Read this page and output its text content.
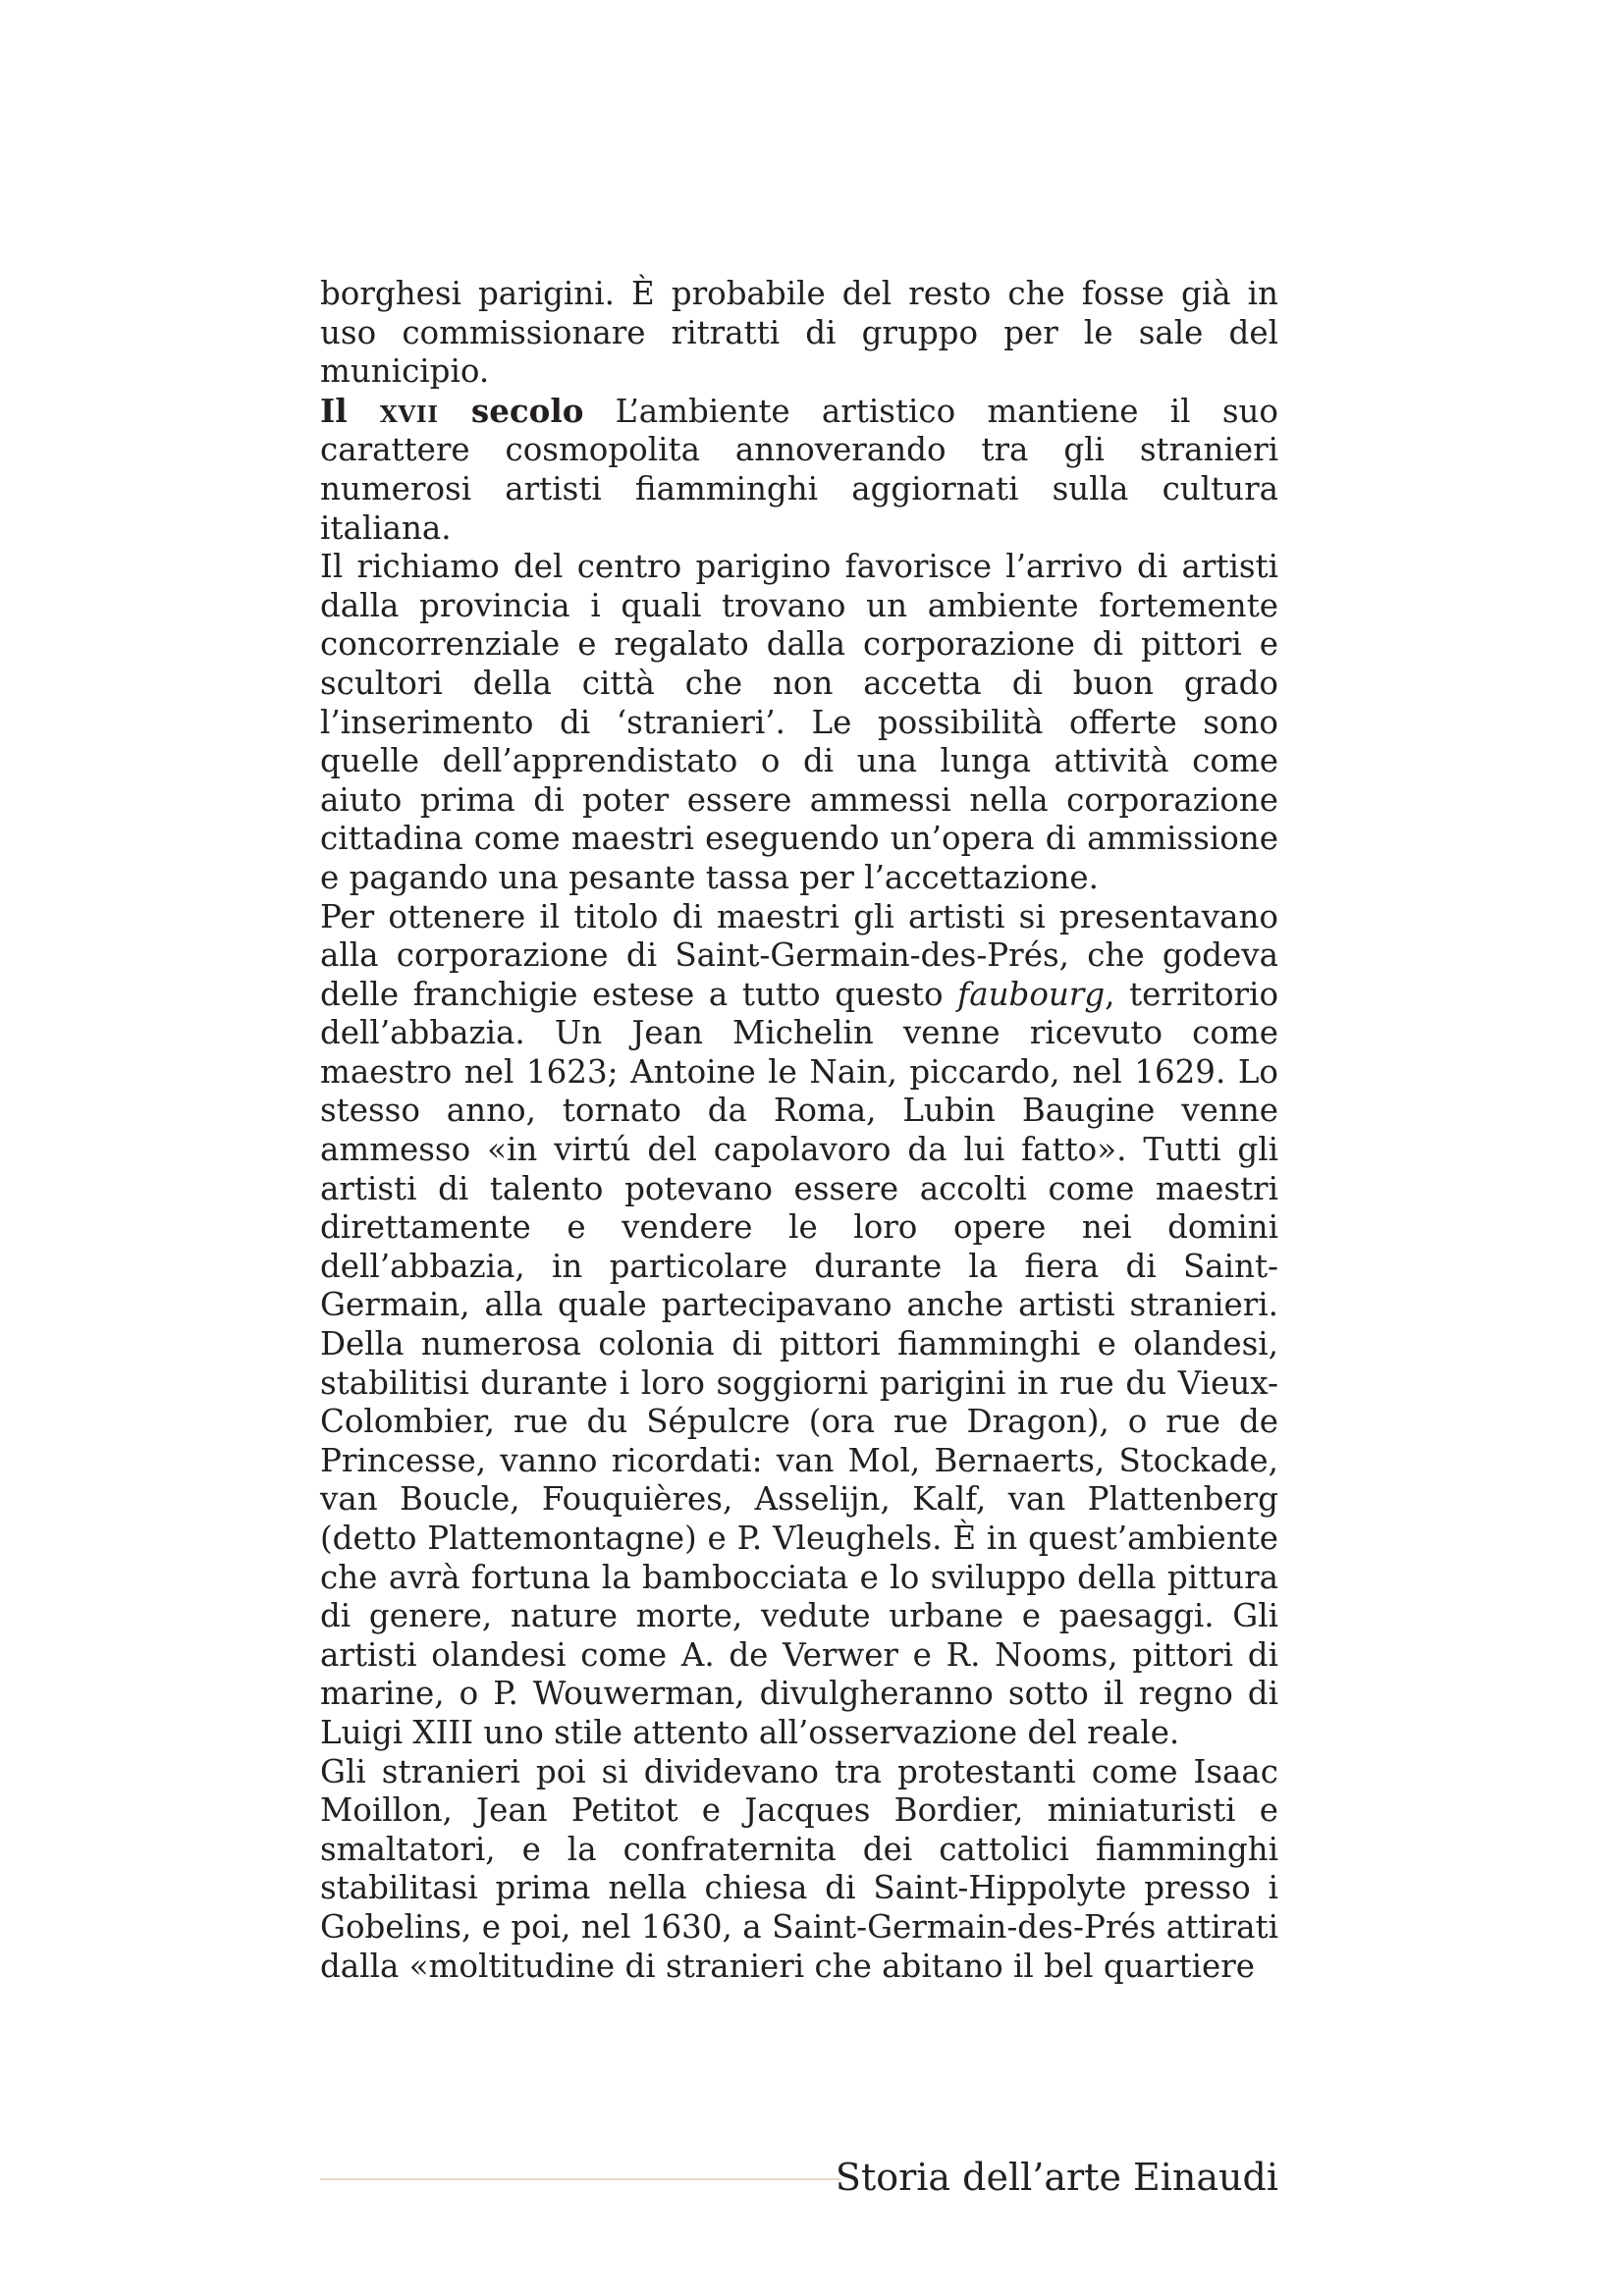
borghesi parigini. È probabile del resto che fosse già in uso commissionare ritratti di gruppo per le sale del municipio.

Il xvii secolo L’ambiente artistico mantiene il suo carattere cosmopolita annoverando tra gli stranieri numerosi artisti fiamminghi aggiornati sulla cultura italiana.

Il richiamo del centro parigino favorisce l’arrivo di artisti dalla provincia i quali trovano un ambiente fortemente concorrenziale e regalato dalla corporazione di pittori e scultori della città che non accetta di buon grado l’inserimento di ‘stranieri’. Le possibilità offerte sono quelle dell’apprendistato o di una lunga attività come aiuto prima di poter essere ammessi nella corporazione cittadina come maestri eseguendo un’opera di ammissione e pagando una pesante tassa per l’accettazione.

Per ottenere il titolo di maestri gli artisti si presentavano alla corporazione di Saint-Germain-des-Prés, che godeva delle franchigie estese a tutto questo faubourg, territorio dell’abbazia. Un Jean Michelin venne ricevuto come maestro nel 1623; Antoine le Nain, piccardo, nel 1629. Lo stesso anno, tornato da Roma, Lubin Baugine venne ammesso «in virtú del capolavoro da lui fatto». Tutti gli artisti di talento potevano essere accolti come maestri direttamente e vendere le loro opere nei domini dell’abbazia, in particolare durante la fiera di Saint-Germain, alla quale partecipavano anche artisti stranieri. Della numerosa colonia di pittori fiamminghi e olandesi, stabilitisi durante i loro soggiorni parigini in rue du Vieux-Colombier, rue du Sépulcre (ora rue Dragon), o rue de Princesse, vanno ricordati: van Mol, Bernaerts, Stockade, van Boucle, Fouquières, Asselijn, Kalf, van Plattenberg (detto Plattemontagne) e P. Vleughels. È in quest’ambiente che avrà fortuna la bambocciata e lo sviluppo della pittura di genere, nature morte, vedute urbane e paesaggi. Gli artisti olandesi come A. de Verwer e R. Nooms, pittori di marine, o P. Wouwerman, divulgheranno sotto il regno di Luigi XIII uno stile attento all’osservazione del reale.

Gli stranieri poi si dividevano tra protestanti come Isaac Moillon, Jean Petitot e Jacques Bordier, miniaturisti e smaltatori, e la confraternita dei cattolici fiamminghi stabilitasi prima nella chiesa di Saint-Hippolyte presso i Gobelins, e poi, nel 1630, a Saint-Germain-des-Prés attirati dalla «moltitudine di stranieri che abitano il bel quartiere

Storia dell’arte Einaudi
